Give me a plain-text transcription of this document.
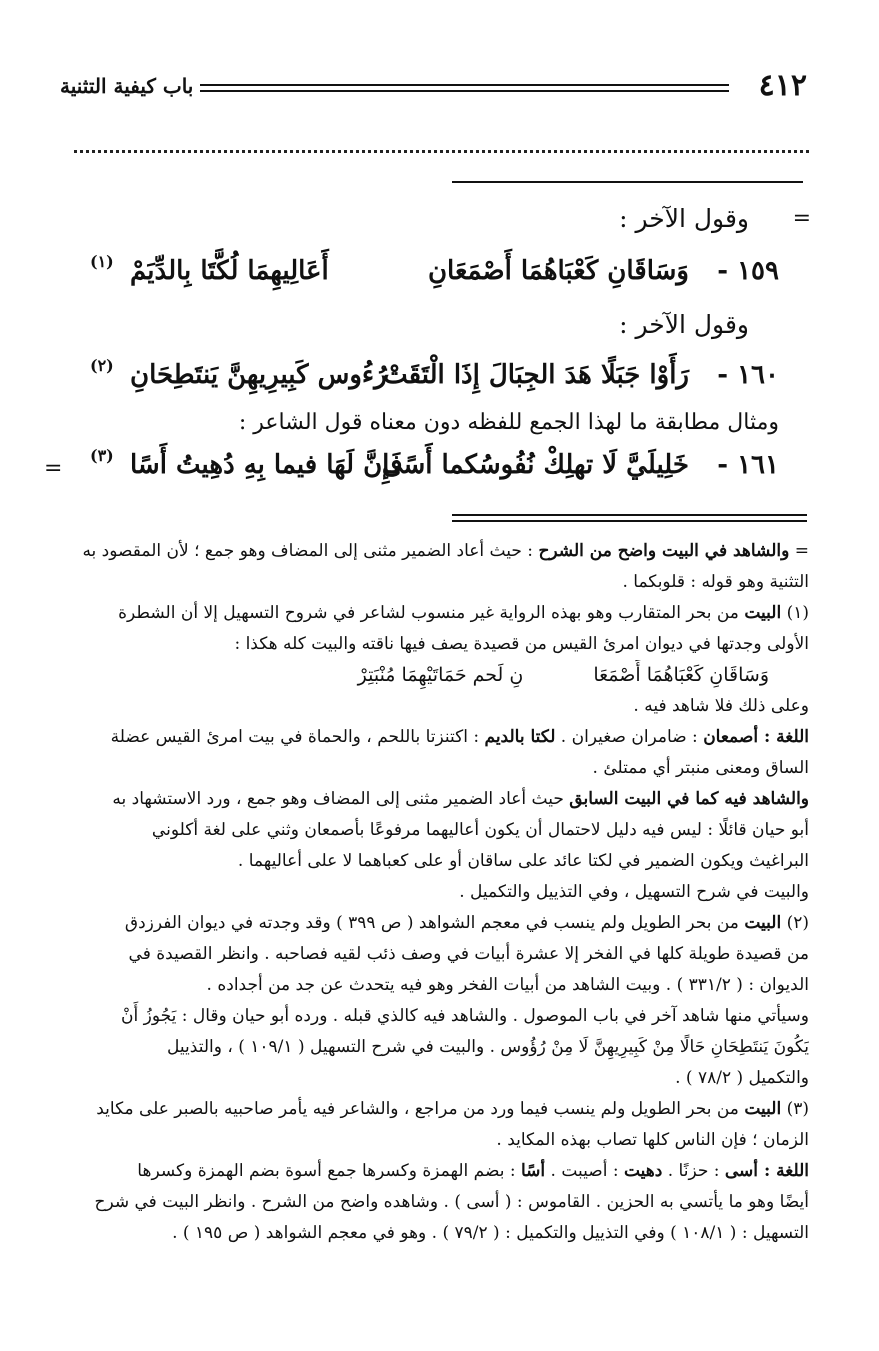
٤١٢
باب كيفية التثنية
=
وقول الآخر :
١٥٩ -
وَسَاقَانِ كَعْبَاهُمَا أَصْمَعَانِ
أَعَالِيهِمَا لُكَّتَا بِالدِّيَمْ
(١)
وقول الآخر :
١٦٠ -
رَأَوْا جَبَلًا هَدَ الجِبَالَ إِذَا الْتَقَتْ
رُءُوس كَبِيرِيهِنَّ يَنتَطِحَانِ
(٢)
ومثال مطابقة ما لهذا الجمع للفظه دون معناه قول الشاعر :
١٦١ -
خَلِيلَيَّ لَا تهلِكْ نُفُوسُكما أَسًى
فَإِنَّ لَهَا فيما بِهِ دُهِيتُ أَسًا
(٣)
=
= والشاهد في البيت واضح من الشرح : حيث أعاد الضمير مثنى إلى المضاف وهو جمع ؛ لأن المقصود به
التثنية وهو قوله : قلوبكما .
(١) البيت من بحر المتقارب وهو بهذه الرواية غير منسوب لشاعر في شروح التسهيل إلا أن الشطرة
الأولى وجدتها في ديوان امرئ القيس من قصيدة يصف فيها ناقته والبيت كله هكذا :
وَسَاقَانِ كَعْبَاهُمَا أَصْمَعَانِ لَحم حَمَاتَيْهِمَا مُنْبَتِرْ
وعلى ذلك فلا شاهد فيه .
اللغة : أصمعان : ضامران صغيران . لكتا بالديم : اكتنزتا باللحم ، والحماة في بيت امرئ القيس عضلة
الساق ومعنى منبتر أي ممتلئ .
والشاهد فيه كما في البيت السابق حيث أعاد الضمير مثنى إلى المضاف وهو جمع ، ورد الاستشهاد به
أبو حيان قائلًا : ليس فيه دليل لاحتمال أن يكون أعاليهما مرفوعًا بأصمعان وثني على لغة أكلوني
البراغيث ويكون الضمير في لكتا عائد على ساقان أو على كعباهما لا على أعاليهما .
والبيت في شرح التسهيل ، وفي التذييل والتكميل .
(٢) البيت من بحر الطويل ولم ينسب في معجم الشواهد ( ص ٣٩٩ ) وقد وجدته في ديوان الفرزدق
من قصيدة طويلة كلها في الفخر إلا عشرة أبيات في وصف ذئب لقيه فصاحبه . وانظر القصيدة في
الديوان : ( ٣٣١/٢ ) . وبيت الشاهد من أبيات الفخر وهو فيه يتحدث عن جد من أجداده .
وسيأتي منها شاهد آخر في باب الموصول . والشاهد فيه كالذي قبله . ورده أبو حيان وقال : يَجُوزُ أَنْ
يَكُونَ يَنتَطِحَانِ حَالًا مِنْ كَبِيرِيهِنَّ لَا مِنْ رُؤُوس . والبيت في شرح التسهيل ( ١٠٩/١ ) ، والتذييل
والتكميل ( ٧٨/٢ ) .
(٣) البيت من بحر الطويل ولم ينسب فيما ورد من مراجع ، والشاعر فيه يأمر صاحبيه بالصبر على مكايد
الزمان ؛ فإن الناس كلها تصاب بهذه المكايد .
اللغة : أسى : حزنًا . دهيت : أصيبت . أسًا : بضم الهمزة وكسرها جمع أسوة بضم الهمزة وكسرها
أيضًا وهو ما يأتسي به الحزين . القاموس : ( أسى ) . وشاهده واضح من الشرح . وانظر البيت في شرح
التسهيل : ( ١٠٨/١ ) وفي التذييل والتكميل : ( ٧٩/٢ ) . وهو في معجم الشواهد ( ص ١٩٥ ) .
